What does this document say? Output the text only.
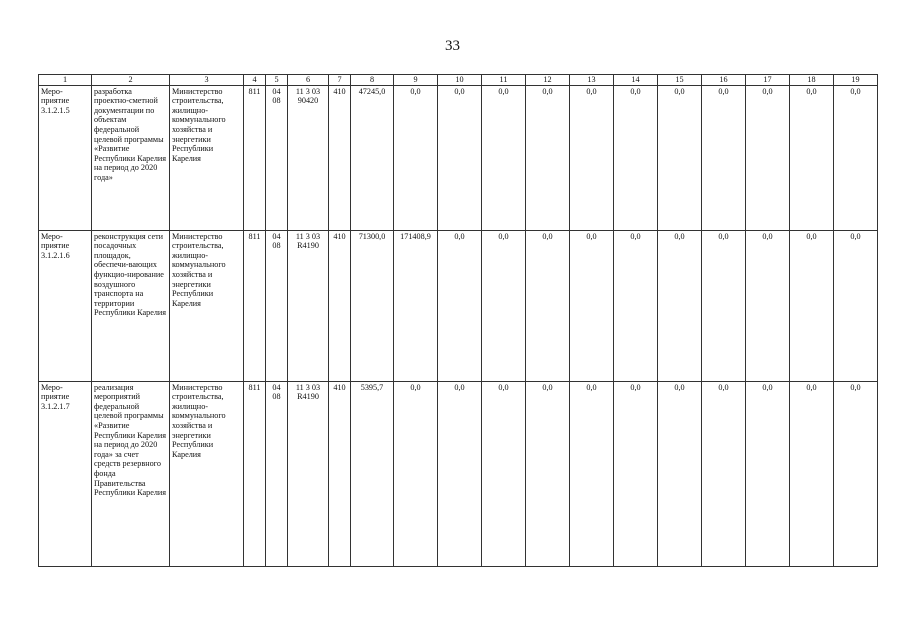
33
1	2	3	4	5	6	7	8	9	10	11	12	13	14	15	16	17	18	19
Меро-приятие 3.1.2.1.5	разработка проектно-сметной документации по объектам федеральной целевой программы «Развитие Республики Карелия на период до 2020 года»	Министерство строительства, жилищно-коммунального хозяйства и энергетики Республики Карелия	811	04 08	11 3 03 90420	410	47245,0	0,0	0,0	0,0	0,0	0,0	0,0	0,0	0,0	0,0	0,0	0,0
Меро-приятие 3.1.2.1.6	реконструкция сети посадочных площадок, обеспечи-вающих функцио-нирование воздушного транспорта на территории Республики Карелия	Министерство строительства, жилищно-коммунального хозяйства и энергетики Республики Карелия	811	04 08	11 3 03 R4190	410	71300,0	171408,9	0,0	0,0	0,0	0,0	0,0	0,0	0,0	0,0	0,0	0,0
Меро-приятие 3.1.2.1.7	реализация мероприятий федеральной целевой программы «Развитие Республики Карелия на период до 2020 года» за счет средств резервного фонда Правительства Республики Карелия	Министерство строительства, жилищно-коммунального хозяйства и энергетики Республики Карелия	811	04 08	11 3 03 R4190	410	5395,7	0,0	0,0	0,0	0,0	0,0	0,0	0,0	0,0	0,0	0,0	0,0
